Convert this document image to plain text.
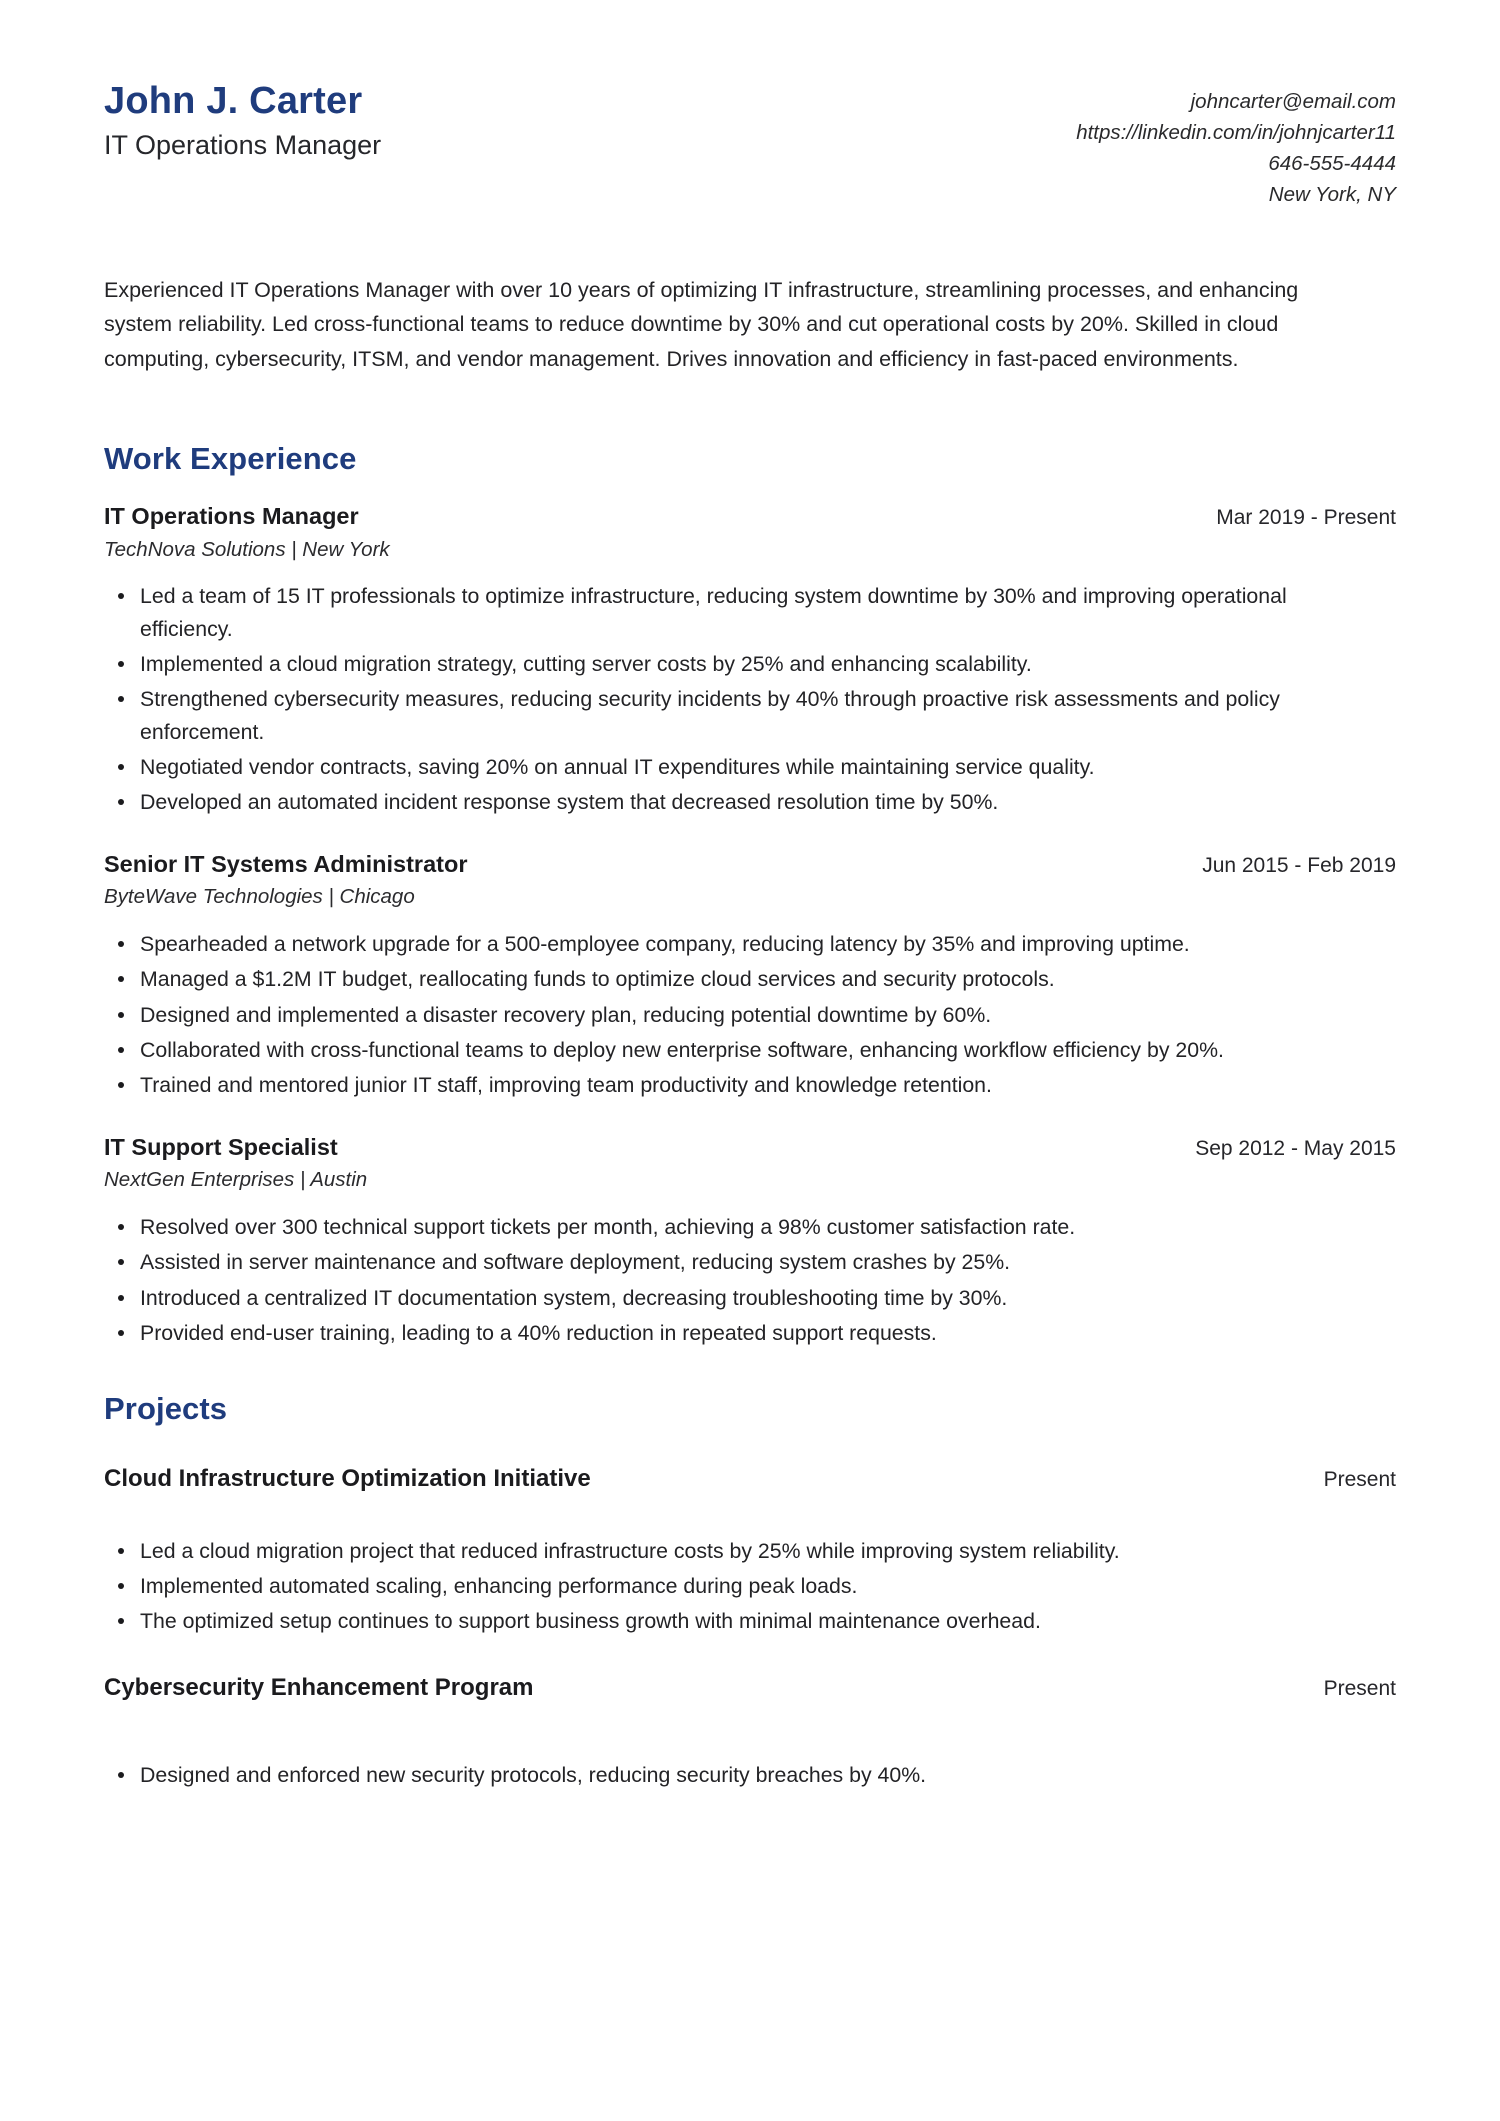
John J. Carter
IT Operations Manager
johncarter@email.com
https://linkedin.com/in/johnjcarter11
646-555-4444
New York, NY

Experienced IT Operations Manager with over 10 years of optimizing IT infrastructure, streamlining processes, and enhancing system reliability. Led cross-functional teams to reduce downtime by 30% and cut operational costs by 20%. Skilled in cloud computing, cybersecurity, ITSM, and vendor management. Drives innovation and efficiency in fast-paced environments.

Work Experience
IT Operations Manager	Mar 2019 - Present
TechNova Solutions | New York
Led a team of 15 IT professionals to optimize infrastructure, reducing system downtime by 30% and improving operational efficiency.
Implemented a cloud migration strategy, cutting server costs by 25% and enhancing scalability.
Strengthened cybersecurity measures, reducing security incidents by 40% through proactive risk assessments and policy enforcement.
Negotiated vendor contracts, saving 20% on annual IT expenditures while maintaining service quality.
Developed an automated incident response system that decreased resolution time by 50%.
Senior IT Systems Administrator	Jun 2015 - Feb 2019
ByteWave Technologies | Chicago
Spearheaded a network upgrade for a 500-employee company, reducing latency by 35% and improving uptime.
Managed a $1.2M IT budget, reallocating funds to optimize cloud services and security protocols.
Designed and implemented a disaster recovery plan, reducing potential downtime by 60%.
Collaborated with cross-functional teams to deploy new enterprise software, enhancing workflow efficiency by 20%.
Trained and mentored junior IT staff, improving team productivity and knowledge retention.
IT Support Specialist	Sep 2012 - May 2015
NextGen Enterprises | Austin
Resolved over 300 technical support tickets per month, achieving a 98% customer satisfaction rate.
Assisted in server maintenance and software deployment, reducing system crashes by 25%.
Introduced a centralized IT documentation system, decreasing troubleshooting time by 30%.
Provided end-user training, leading to a 40% reduction in repeated support requests.
Projects
Cloud Infrastructure Optimization Initiative	Present
Led a cloud migration project that reduced infrastructure costs by 25% while improving system reliability.
Implemented automated scaling, enhancing performance during peak loads.
The optimized setup continues to support business growth with minimal maintenance overhead.
Cybersecurity Enhancement Program	Present
Designed and enforced new security protocols, reducing security breaches by 40%.
